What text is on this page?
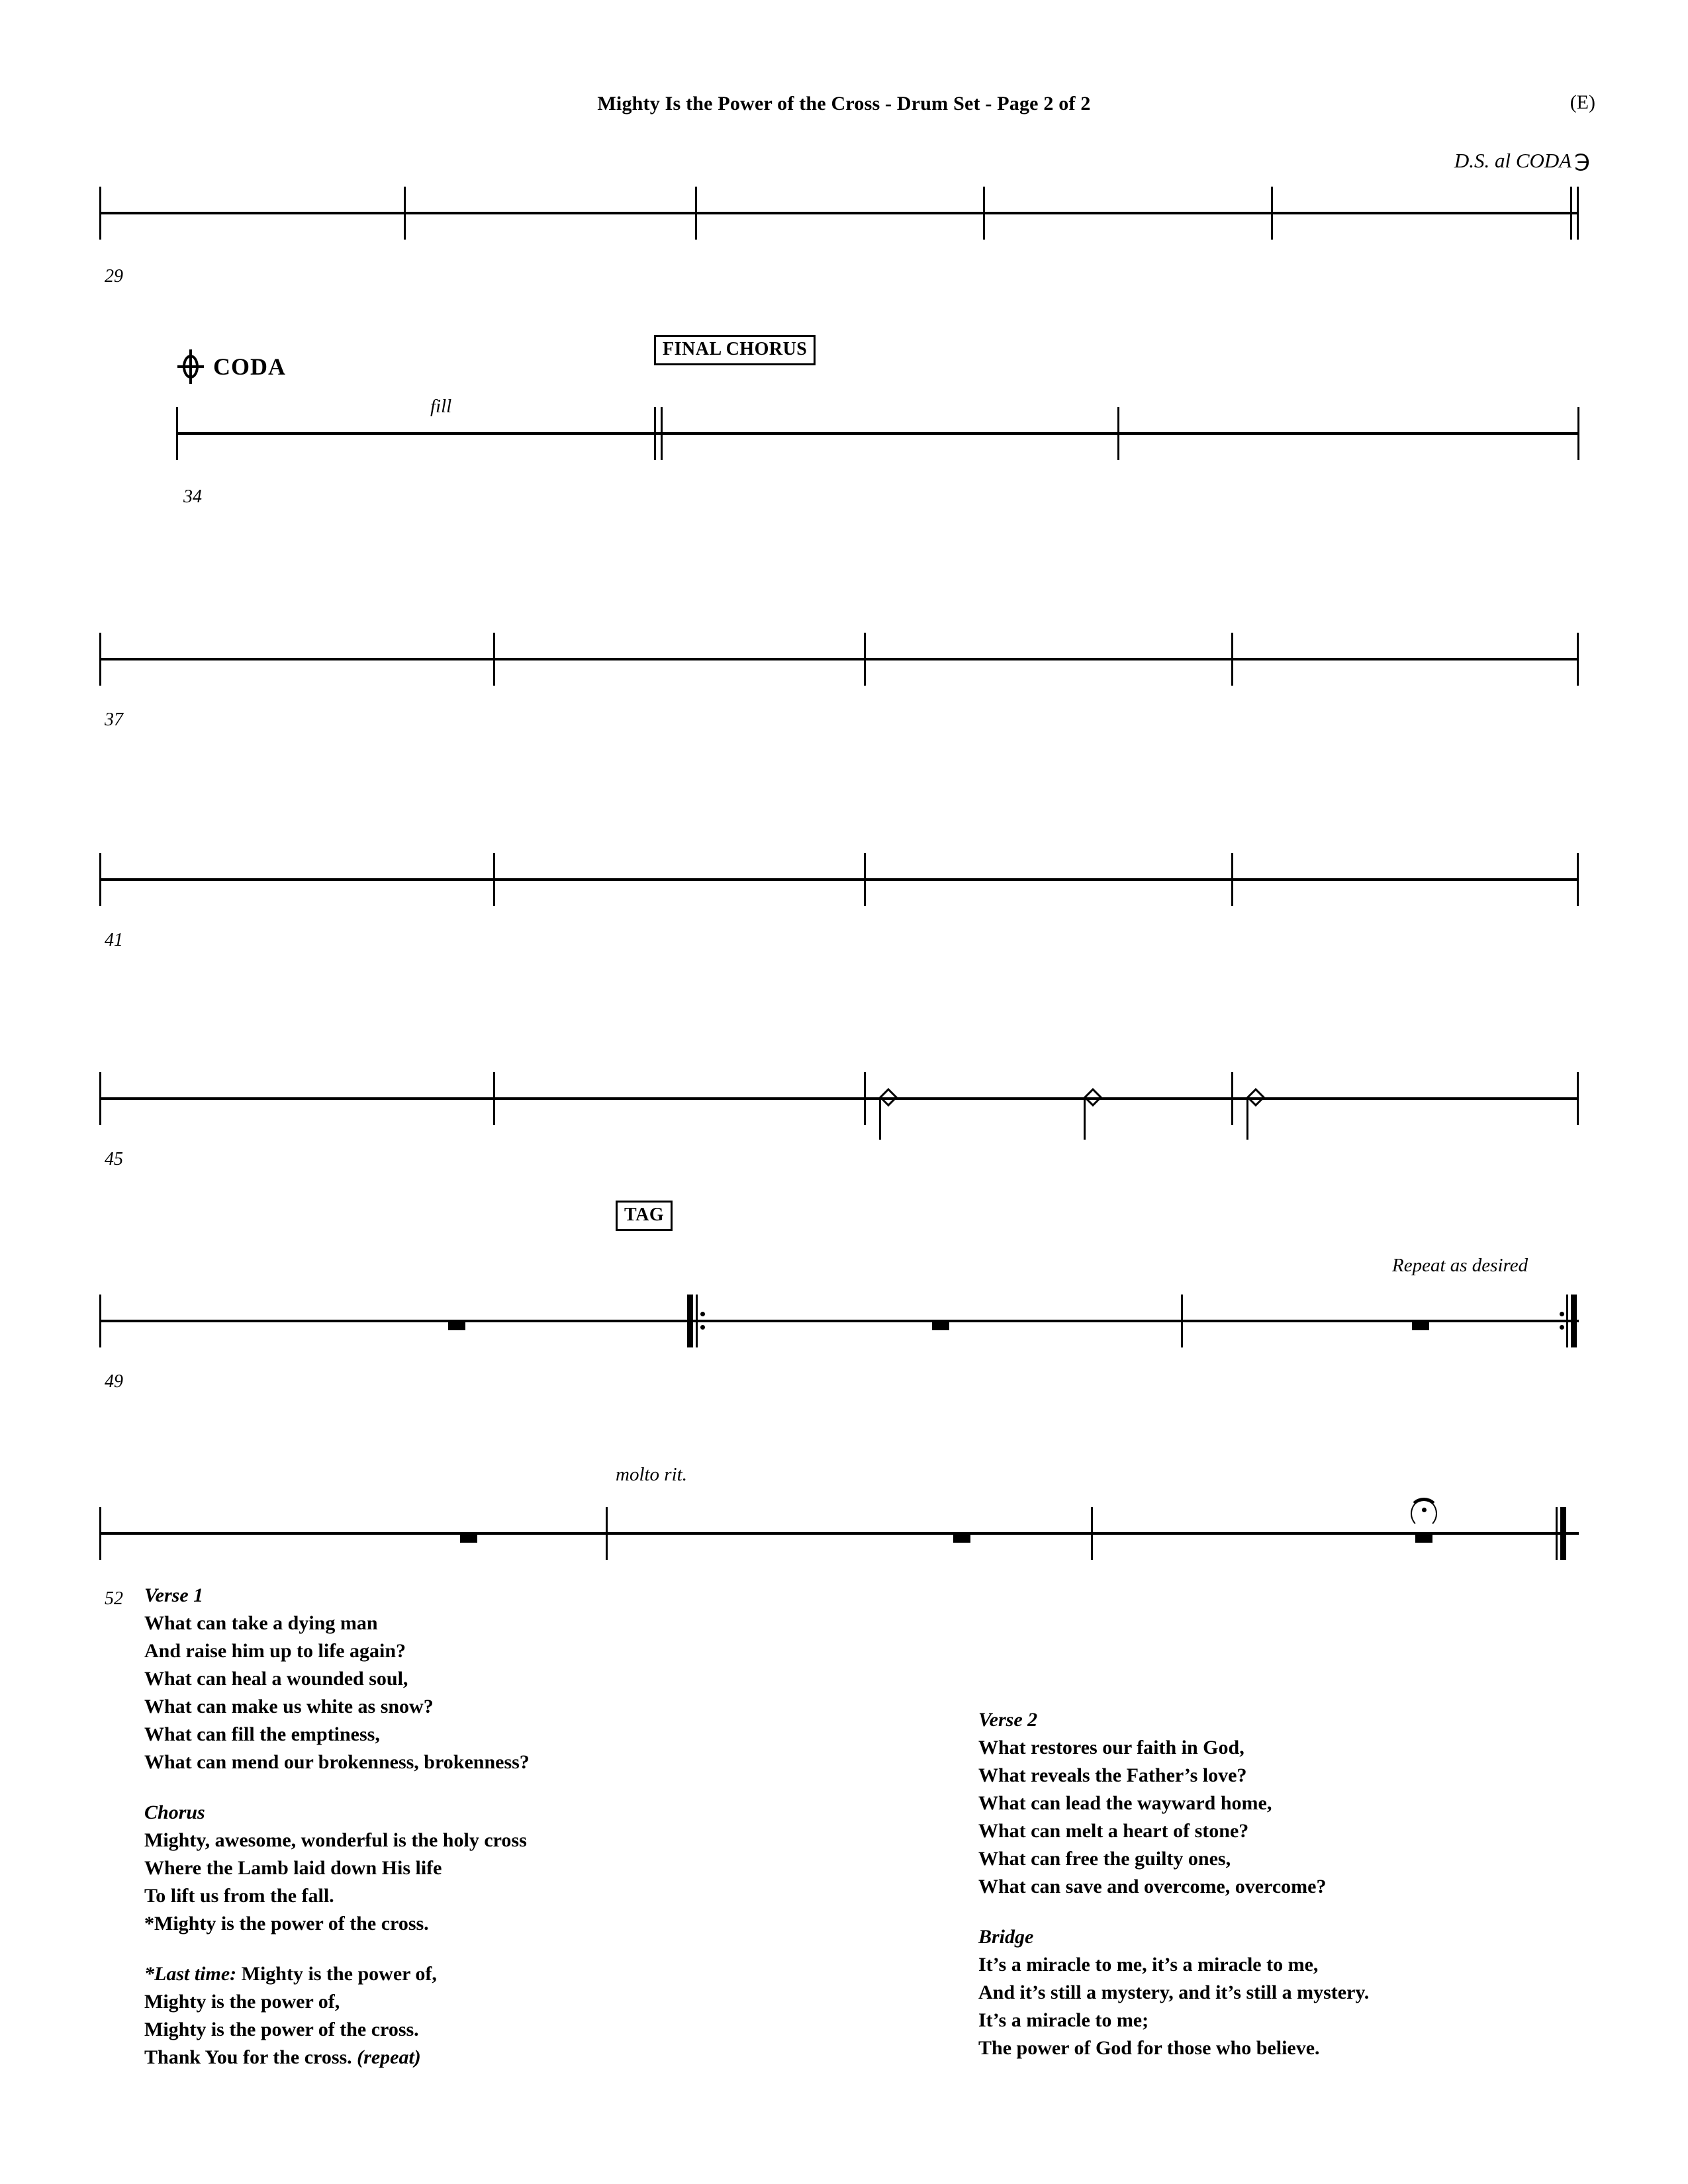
Mighty Is the Power of the Cross - Drum Set - Page 2 of 2	(E)
D.S. al CODA ℈
29
CODA
FINAL CHORUS
fill
34
37
41
45
TAG
Repeat as desired
49
molto rit.
52 Verse 1
What can take a dying man
And raise him up to life again?
What can heal a wounded soul,
What can make us white as snow?
What can fill the emptiness,
What can mend our brokenness, brokenness?
Chorus
Mighty, awesome, wonderful is the holy cross
Where the Lamb laid down His life
To lift us from the fall.
*Mighty is the power of the cross.
*Last time: Mighty is the power of,
Mighty is the power of,
Mighty is the power of the cross.
Thank You for the cross. (repeat)
Verse 2
What restores our faith in God,
What reveals the Father’s love?
What can lead the wayward home,
What can melt a heart of stone?
What can free the guilty ones,
What can save and overcome, overcome?
Bridge
It’s a miracle to me, it’s a miracle to me,
And it’s still a mystery, and it’s still a mystery.
It’s a miracle to me;
The power of God for those who believe.
